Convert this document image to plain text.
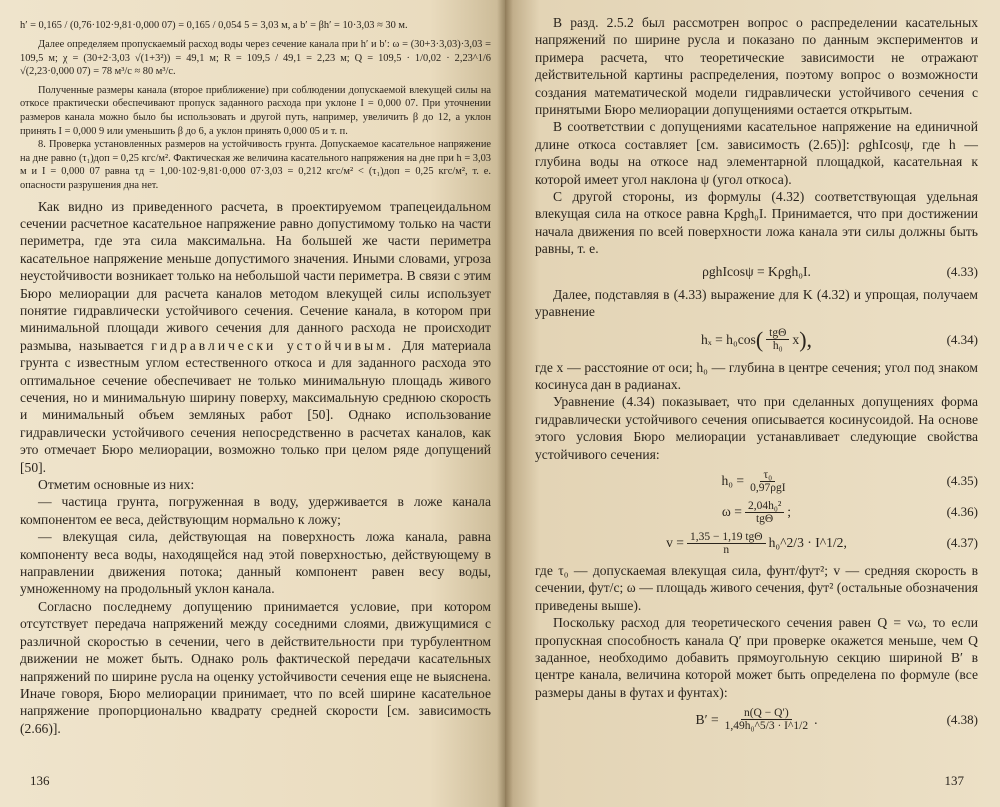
h′ = 0,165 / (0,76·102·9,81·0,000 07) = 0,165 / 0,054 5 = 3,03 м, а b′ = βh′ = 10·3,03 ≈ 30 м.

Далее определяем пропускаемый расход воды через сечение канала при h′ и b′: ω = (30+3·3,03)·3,03 = 109,5 м; χ = (30+2·3,03 √(1+3²)) = 49,1 м; R = 109,5 / 49,1 = 2,23 м; Q = 109,5 · 1/0,02 · 2,23^1/6 √(2,23·0,000 07) = 78 м³/с ≈ 80 м³/с.

Полученные размеры канала (второе приближение) при соблюдении допускаемой влекущей силы на откосе практически обеспечивают пропуск заданного расхода при уклоне I = 0,000 07. При уточнении размеров канала можно было бы использовать и другой путь, например, увеличить β до 12, а уклон принять I = 0,000 9 или уменьшить β до 6, а уклон принять 0,000 05 и т. п.

8. Проверка установленных размеров на устойчивость грунта. Допускаемое касательное напряжение на дне равно (τ₁)доп = 0,25 кгс/м². Фактическая же величина касательного напряжения на дне при h = 3,03 м и I = 0,000 07 равна τд = 1,00·102·9,81·0,000 07·3,03 = 0,212 кгс/м² < (τ₁)доп = 0,25 кгс/м², т. е. опасности разрушения дна нет.

Как видно из приведенного расчета, в проектируемом трапецеидальном сечении расчетное касательное напряжение равно допустимому только на части периметра, где эта сила максимальна. На большей же части периметра касательное напряжение меньше допустимого значения. Иными словами, угроза неустойчивости возникает только на небольшой части периметра. В связи с этим Бюро мелиорации для расчета каналов методом влекущей силы использует понятие гидравлически устойчивого сечения. Сечение канала, в котором при минимальной площади живого сечения для данного расхода не происходит размыва, называется гидравлически устойчивым. Для материала грунта с известным углом естественного откоса и для заданного расхода это оптимальное сечение обеспечивает не только минимальную площадь живого сечения, но и минимальную ширину поверху, максимальную среднюю скорость и минимальный объем земляных работ [50]. Однако использование гидравлически устойчивого сечения непосредственно в расчетах каналов, как это отмечает Бюро мелиорации, возможно только при целом ряде допущений [50].

Отметим основные из них:

— частица грунта, погруженная в воду, удерживается в ложе канала компонентом ее веса, действующим нормально к ложу;

— влекущая сила, действующая на поверхность ложа канала, равна компоненту веса воды, находящейся над этой поверхностью, действующему в направлении движения потока; данный компонент равен весу воды, умноженному на продольный уклон канала.

Согласно последнему допущению принимается условие, при котором отсутствует передача напряжений между соседними слоями, движущимися с различной скоростью в сечении, чего в действительности при турбулентном движении не может быть. Однако роль фактической передачи касательных напряжений по ширине русла на оценку устойчивости сечения еще не выяснена. Иначе говоря, Бюро мелиорации принимает, что по всей ширине касательное напряжение пропорционально квадрату средней скорости [см. зависимость (2.66)].

136

В разд. 2.5.2 был рассмотрен вопрос о распределении касательных напряжений по ширине русла и показано по данным экспериментов и примера расчета, что теоретические зависимости не отражают действительной картины распределения, поэтому вопрос о возможности создания математической модели гидравлически устойчивого сечения с принятыми Бюро мелиорации допущениями остается открытым.

В соответствии с допущениями касательное напряжение на единичной длине откоса составляет [см. зависимость (2.65)]: ρghIcosψ, где h — глубина воды на откосе над элементарной площадкой, касательная к которой имеет угол наклона ψ (угол откоса).

С другой стороны, из формулы (4.32) соответствующая удельная влекущая сила на откосе равна Kρgh₀I. Принимается, что при достижении начала движения по всей поверхности ложа канала эти силы должны быть равны, т. е.

ρghIcosψ = Kρgh₀I.	(4.33)

Далее, подставляя в (4.33) выражение для K (4.32) и упрощая, получаем уравнение

hₓ = h₀cos ( $\frac{\text{tgΘ}}{\text{h₀}}$ x ),	(4.34)

где x — расстояние от оси; h₀ — глубина в центре сечения; угол под знаком косинуса дан в радианах.

Уравнение (4.34) показывает, что при сделанных допущениях форма гидравлически устойчивого сечения описывается косинусоидой. На основе этого условия Бюро мелиорации устанавливает следующие свойства устойчивого сечения:

$h_0 = \frac{\text{τ₀}}{\text{0,97ρgI}}$	(4.35)
$\omega = \frac{\text{2,04h₀²}}{\text{tgΘ}}$ ;	(4.36)
$v = \frac{\text{1,35 − 1,19 tgΘ}}{n}$ h₀^2/3 · I^1/2,	(4.37)

где τ₀ — допускаемая влекущая сила, фунт/фут²; v — средняя скорость в сечении, фут/с; ω — площадь живого сечения, фут² (остальные обозначения приведены выше).

Поскольку расход для теоретического сечения равен Q = vω, то если пропускная способность канала Q′ при проверке окажется меньше, чем Q заданное, необходимо добавить прямоугольную секцию шириной B′ в центре канала, величина которой может быть определена по формуле (все размеры даны в футах и фунтах):

$B' = \frac{n(Q - Q')}{\text{1,49h₀\textasciicircum{}5/3 · I\textasciicircum{}1/2}}$ .	(4.38)
137
